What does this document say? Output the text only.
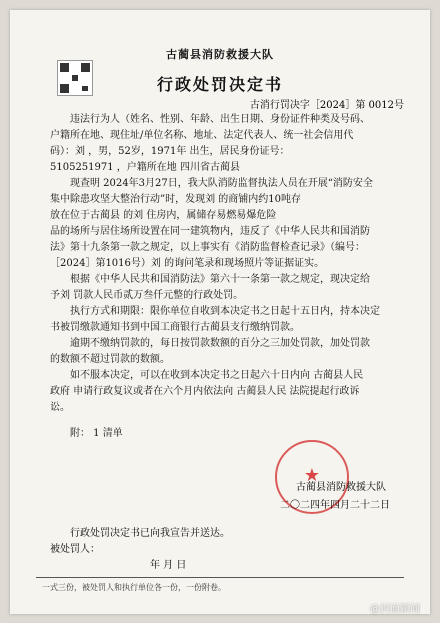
古蔺县消防救援大队
行政处罚决定书
古消行罚决字［2024］第 0012号
违法行为人（姓名、性别、年龄、出生日期、身份证件种类及号码、
户籍所在地、现住址/单位名称、地址、法定代表人、统一社会信用代
码）：刘 ，男，52岁，1971年 出生，居民身份证号：
5105251971 ，户籍所在地 四川省古蔺县
现查明 2024年3月27日，我大队消防监督执法人员在开展“消防安全
集中除患攻坚大整治行动”时，发现刘 的商铺内约10吨存
放在位于古蔺县 的刘 住房内，属储存易燃易爆危险
品的场所与居住场所设置在同一建筑物内，违反了《中华人民共和国消防
法》第十九条第一款之规定，以上事实有《消防监督检查记录》（编号：
［2024］第1016号）刘 的询问笔录和现场照片等证据证实。
根据《中华人民共和国消防法》第六十一条第一款之规定，现决定给
予刘 罚款人民币贰万叁仟元整的行政处罚。
执行方式和期限：限你单位自收到本决定书之日起十五日内，持本决定
书被罚缴款通知书到中国工商银行古蔺县支行缴纳罚款。
逾期不缴纳罚款的，每日按罚款数额的百分之三加处罚款，加处罚款
的数额不超过罚款的数额。
如不服本决定，可以在收到本决定书之日起六十日内向 古蔺县人民
政府 申请行政复议或者在六个月内依法向 古蔺县人民 法院提起行政诉
讼。
附： 1 清单
★
古蔺县消防救援大队
二〇二四年四月二十二日
行政处罚决定书已向我宣告并送达。
被处罚人：
年 月 日
一式三份，被处罚人和执行单位各一份，一份附卷。
@封面新闻
